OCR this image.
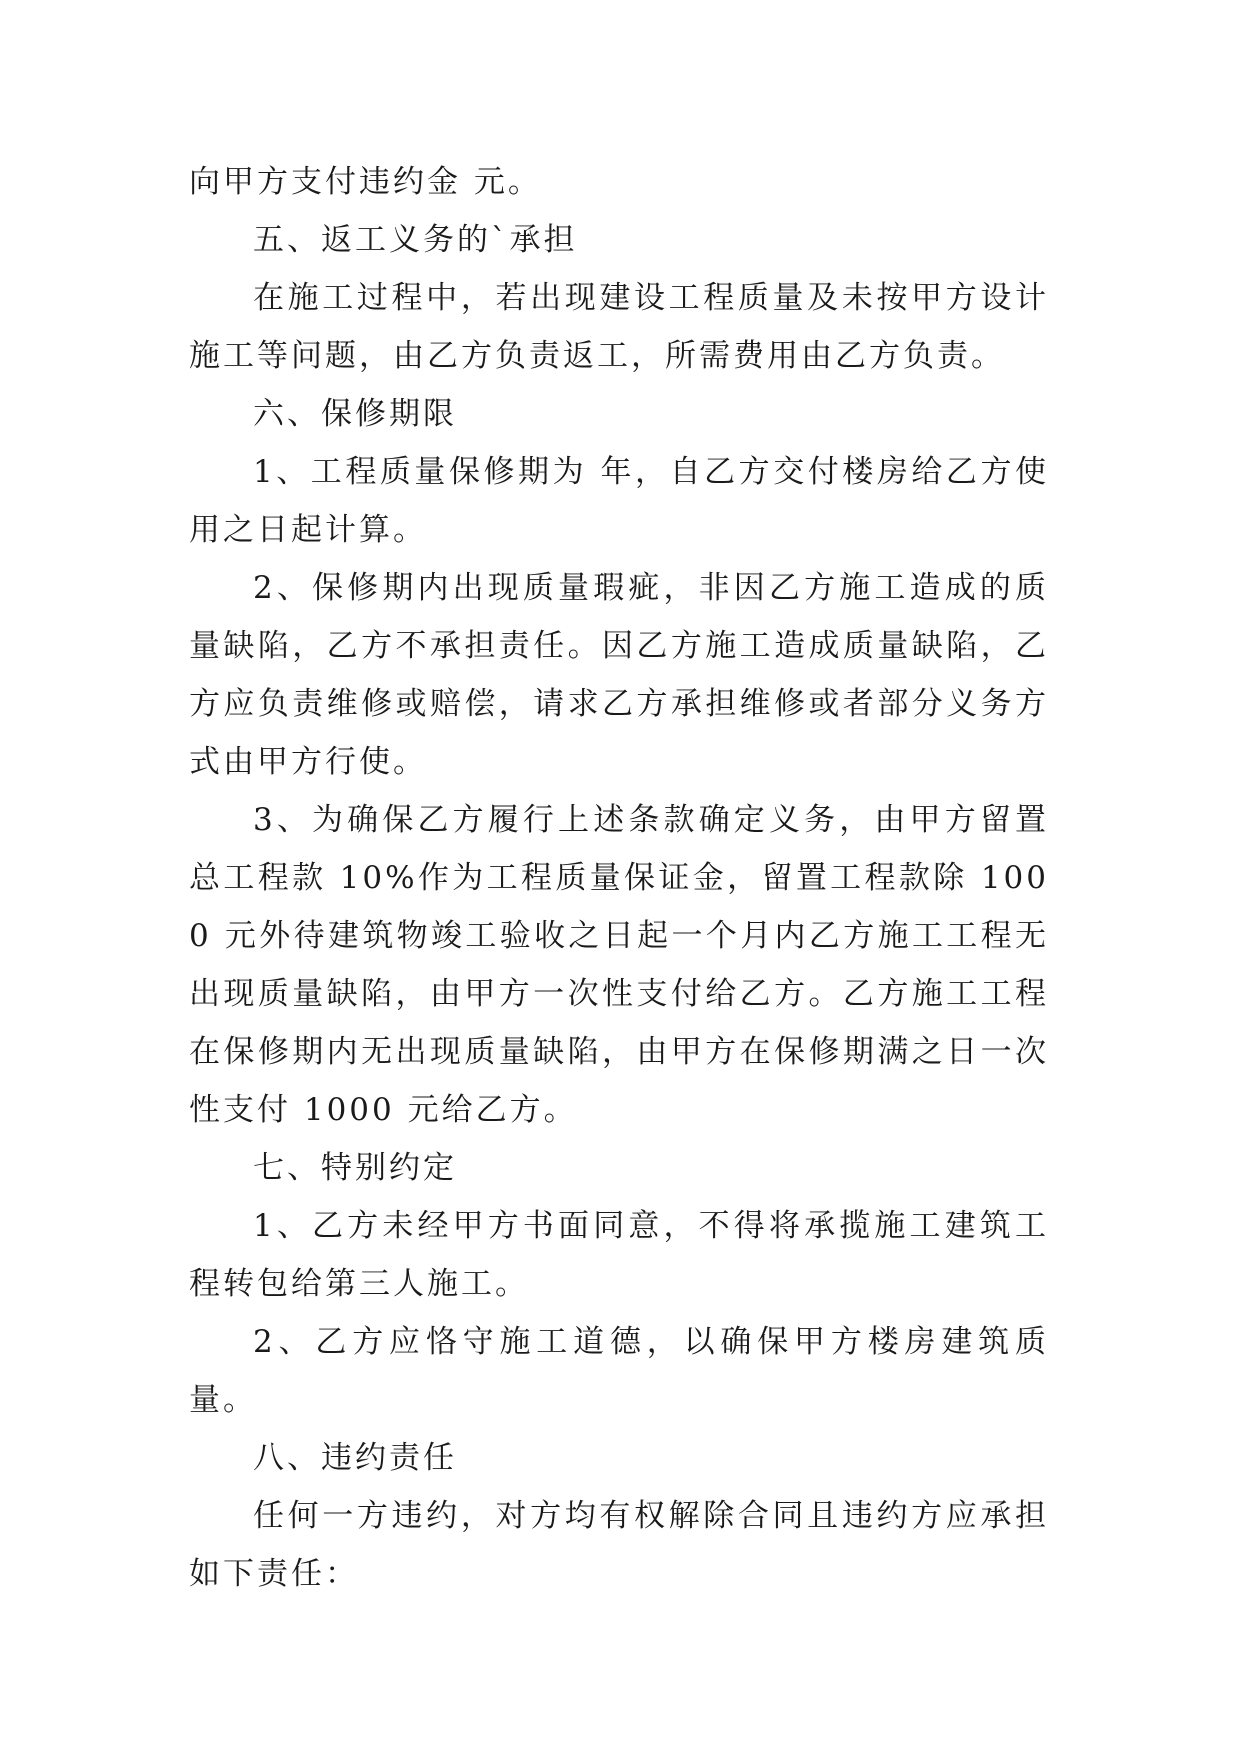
向甲方支付违约金 元。

五、返工义务的`承担

在施工过程中，若出现建设工程质量及未按甲方设计施工等问题，由乙方负责返工，所需费用由乙方负责。

六、保修期限

1、工程质量保修期为 年，自乙方交付楼房给乙方使用之日起计算。

2、保修期内出现质量瑕疵，非因乙方施工造成的质量缺陷，乙方不承担责任。因乙方施工造成质量缺陷，乙方应负责维修或赔偿，请求乙方承担维修或者部分义务方式由甲方行使。

3、为确保乙方履行上述条款确定义务，由甲方留置总工程款 10%作为工程质量保证金，留置工程款除 1000 元外待建筑物竣工验收之日起一个月内乙方施工工程无出现质量缺陷，由甲方一次性支付给乙方。乙方施工工程在保修期内无出现质量缺陷，由甲方在保修期满之日一次性支付 1000 元给乙方。

七、特别约定

1、乙方未经甲方书面同意，不得将承揽施工建筑工程转包给第三人施工。

2、乙方应恪守施工道德，以确保甲方楼房建筑质量。

八、违约责任

任何一方违约，对方均有权解除合同且违约方应承担如下责任：
